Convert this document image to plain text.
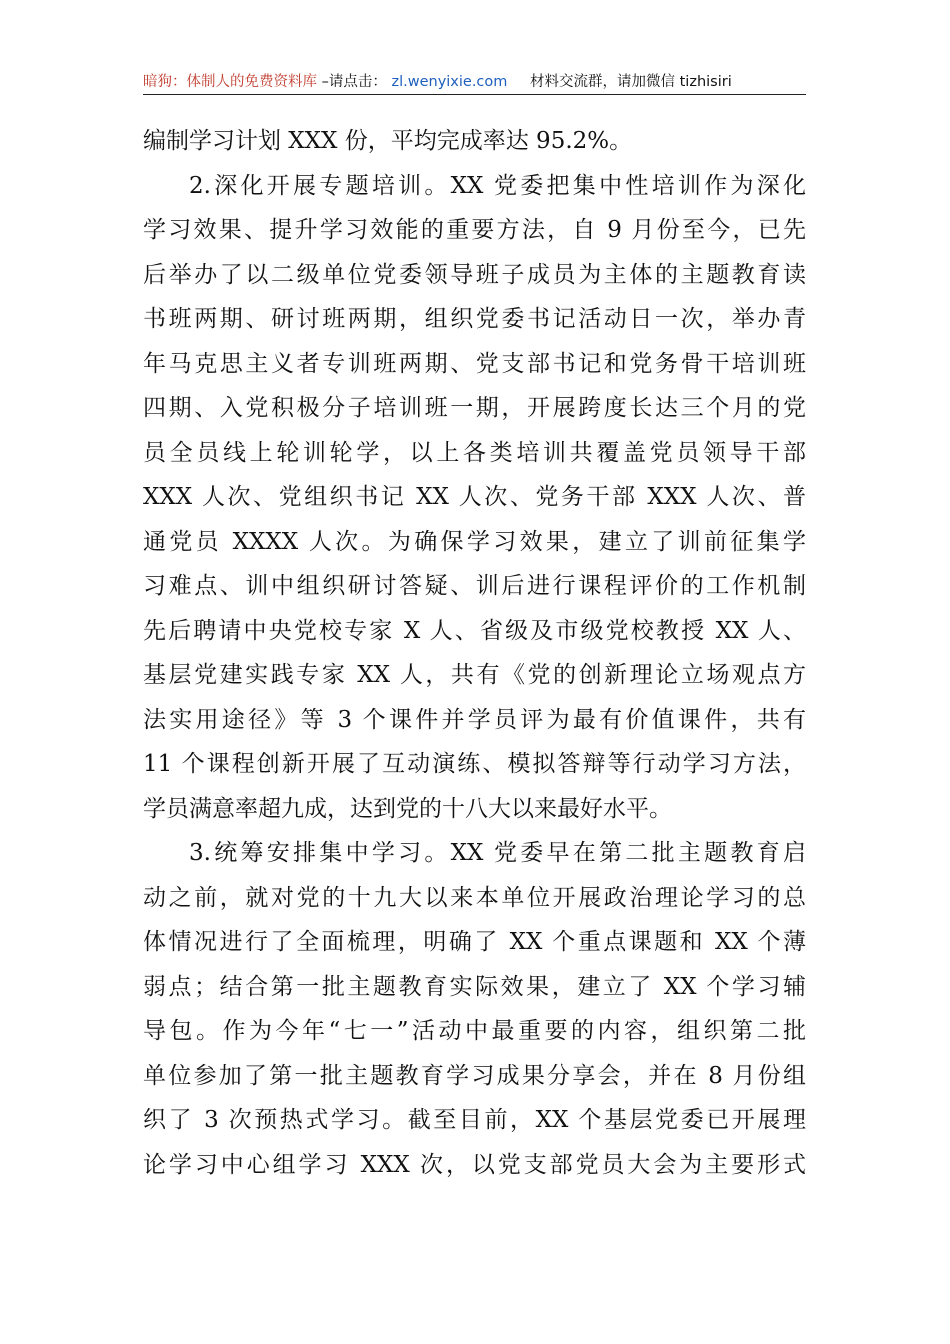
暗狗：体制人的免费资料库 –请点击： zl.wenyixie.com 材料交流群，请加微信 tizhisiri
编制学习计划 XXX 份，平均完成率达 95.2%。
2.深化开展专题培训。XX 党委把集中性培训作为深化
学习效果、提升学习效能的重要方法，自 9 月份至今，已先
后举办了以二级单位党委领导班子成员为主体的主题教育读
书班两期、研讨班两期，组织党委书记活动日一次，举办青
年马克思主义者专训班两期、党支部书记和党务骨干培训班
四期、入党积极分子培训班一期，开展跨度长达三个月的党
员全员线上轮训轮学，以上各类培训共覆盖党员领导干部
XXX 人次、党组织书记 XX 人次、党务干部 XXX 人次、普
通党员 XXXX 人次。为确保学习效果，建立了训前征集学
习难点、训中组织研讨答疑、训后进行课程评价的工作机制
先后聘请中央党校专家 X 人、省级及市级党校教授 XX 人、
基层党建实践专家 XX 人，共有《党的创新理论立场观点方
法实用途径》等 3 个课件并学员评为最有价值课件，共有
11 个课程创新开展了互动演练、模拟答辩等行动学习方法，
学员满意率超九成，达到党的十八大以来最好水平。
3.统筹安排集中学习。XX 党委早在第二批主题教育启
动之前，就对党的十九大以来本单位开展政治理论学习的总
体情况进行了全面梳理，明确了 XX 个重点课题和 XX 个薄
弱点；结合第一批主题教育实际效果，建立了 XX 个学习辅
导包。作为今年“七一”活动中最重要的内容，组织第二批
单位参加了第一批主题教育学习成果分享会，并在 8 月份组
织了 3 次预热式学习。截至目前，XX 个基层党委已开展理
论学习中心组学习 XXX 次，以党支部党员大会为主要形式
